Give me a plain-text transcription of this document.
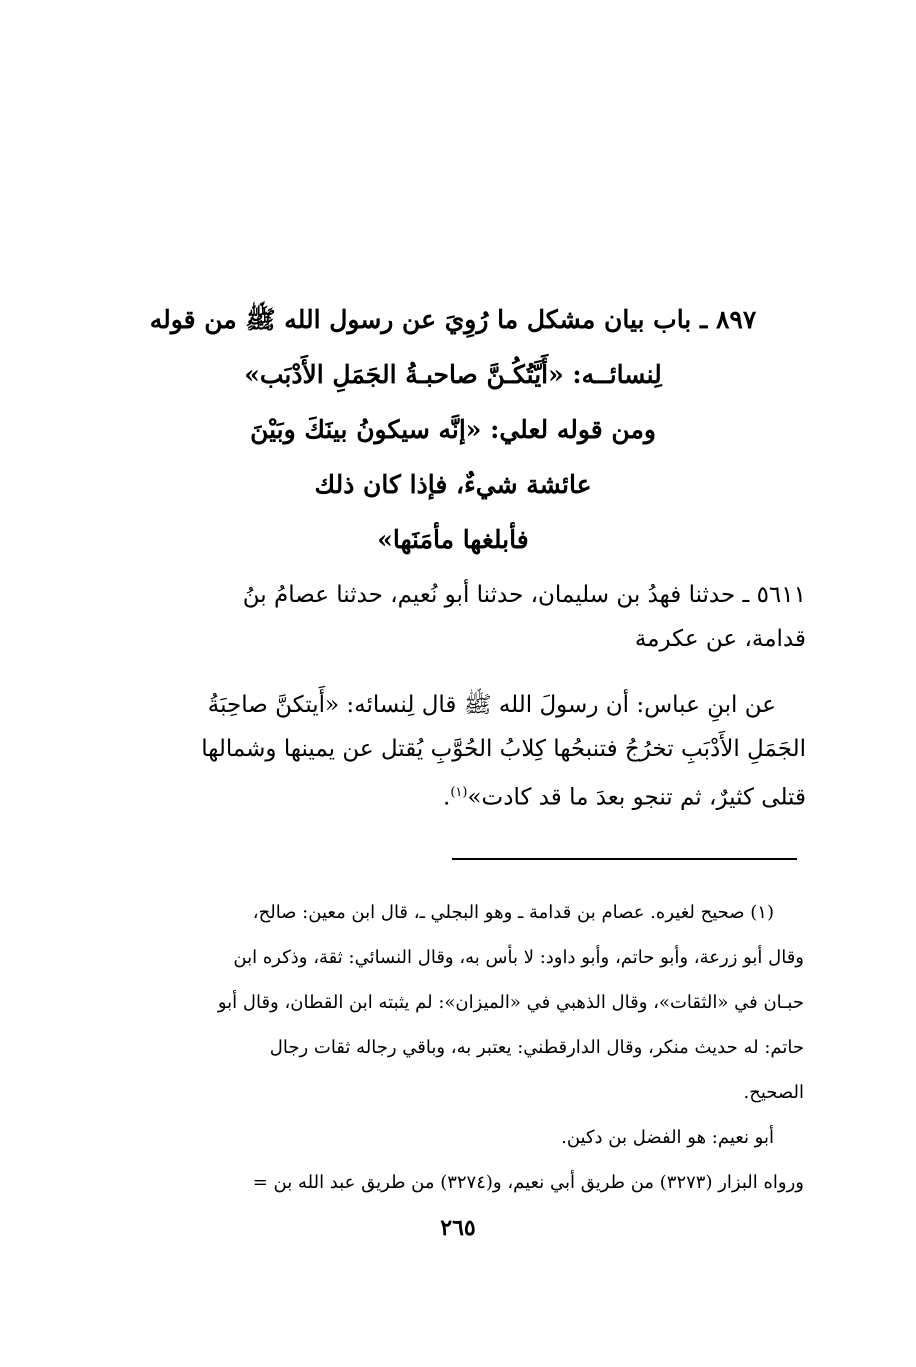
٨٩٧ ـ باب بيان مشكل ما رُوِيَ عن رسول الله ﷺ من قوله
لِنسائــه: «أَيَّتُكُـنَّ صاحبـةُ الجَمَلِ الأَدْبَب»
ومن قوله لعلي: «إنَّه سيكونُ بينَكَ وبَيْنَ
عائشة شيءٌ، فإذا كان ذلك
فأبلغها مأمَنَها»
٥٦١١ ـ حدثنا فهدُ بن سليمان، حدثنا أبو نُعيم، حدثنا عصامُ بنُ
قدامة، عن عكرمة
عن ابنِ عباس: أن رسولَ الله ﷺ قال لِنسائه: «أَيتكنَّ صاحِبَةُ
الجَمَلِ الأَدْبَبِ تخرُجُ فتنبحُها كِلابُ الحُوَّبِ يُقتل عن يمينها وشمالها
قتلى كثيرٌ، ثم تنجو بعدَ ما قد كادت»$^{(١)}$.
(١) صحيح لغيره. عصام بن قدامة ـ وهو البجلي ـ، قال ابن معين: صالح،
وقال أبو زرعة، وأبو حاتم، وأبو داود: لا بأس به، وقال النسائي: ثقة، وذكره ابن
حبـان في «الثقات»، وقال الذهبي في «الميزان»: لم يثبته ابن القطان، وقال أبو
حاتم: له حديث منكر، وقال الدارقطني: يعتبر به، وباقي رجاله ثقات رجال
الصحيح.
أبو نعيم: هو الفضل بن دكين.
ورواه البزار (٣٢٧٣) من طريق أبي نعيم، و(٣٢٧٤) من طريق عبد الله بن =
٢٦٥
